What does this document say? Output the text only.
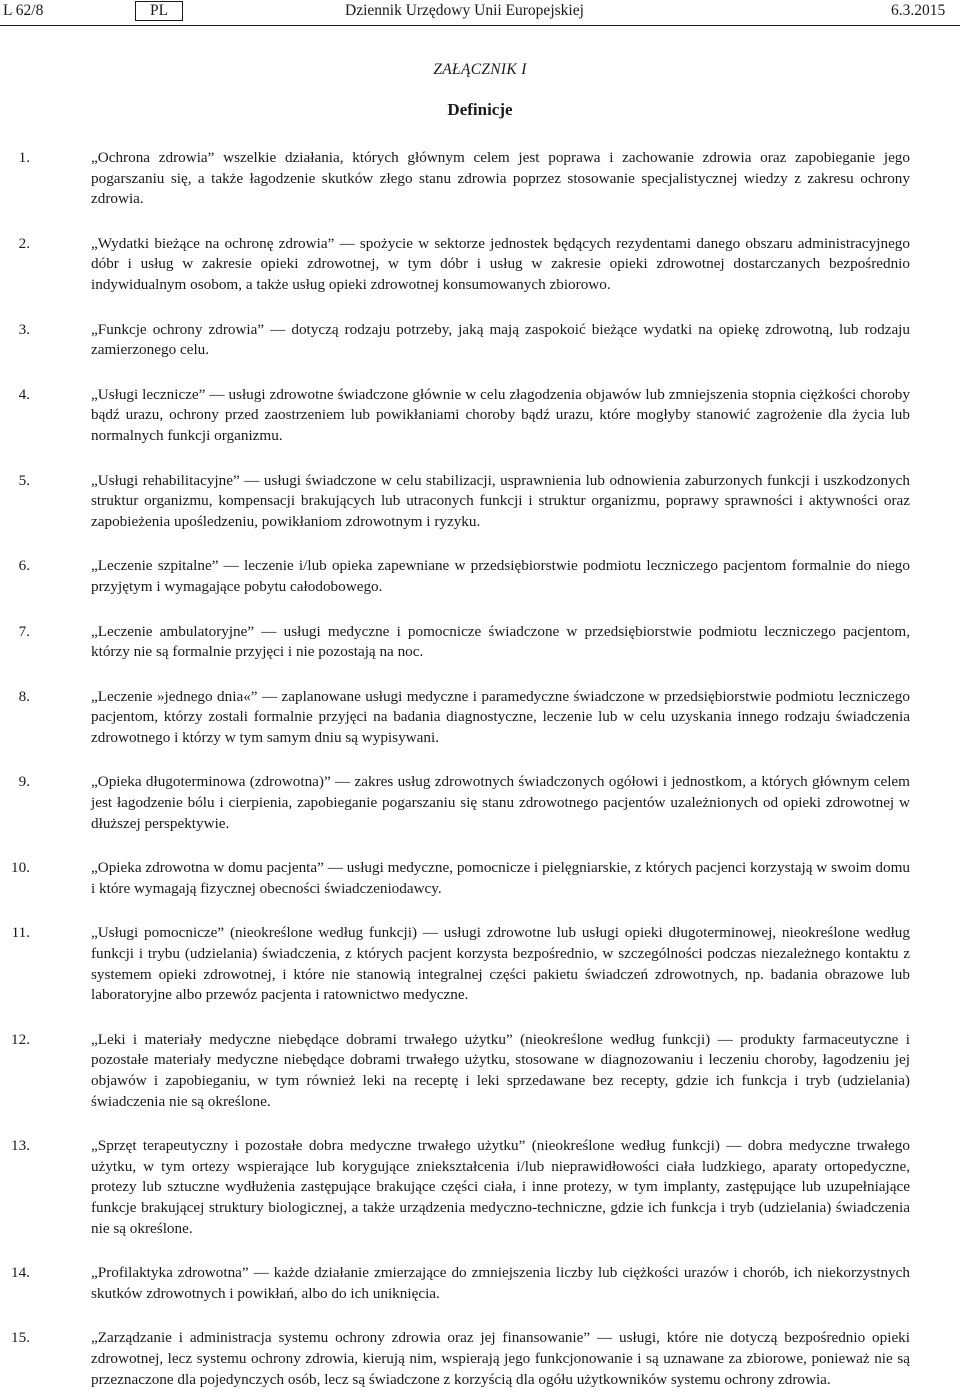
L 62/8	PL	Dziennik Urzędowy Unii Europejskiej	6.3.2015
ZAŁĄCZNIK I
Definicje

1.	„Ochrona zdrowia” wszelkie działania, których głównym celem jest poprawa i zachowanie zdrowia oraz zapobieganie jego pogarszaniu się, a także łagodzenie skutków złego stanu zdrowia poprzez stosowanie specjalistycznej wiedzy z zakresu ochrony zdrowia.

2.	„Wydatki bieżące na ochronę zdrowia” — spożycie w sektorze jednostek będących rezydentami danego obszaru administracyjnego dóbr i usług w zakresie opieki zdrowotnej, w tym dóbr i usług w zakresie opieki zdrowotnej dostarczanych bezpośrednio indywidualnym osobom, a także usług opieki zdrowotnej konsumowanych zbiorowo.

3.	„Funkcje ochrony zdrowia” — dotyczą rodzaju potrzeby, jaką mają zaspokoić bieżące wydatki na opiekę zdrowotną, lub rodzaju zamierzonego celu.

4.	„Usługi lecznicze” — usługi zdrowotne świadczone głównie w celu złagodzenia objawów lub zmniejszenia stopnia ciężkości choroby bądź urazu, ochrony przed zaostrzeniem lub powikłaniami choroby bądź urazu, które mogłyby stanowić zagrożenie dla życia lub normalnych funkcji organizmu.

5.	„Usługi rehabilitacyjne” — usługi świadczone w celu stabilizacji, usprawnienia lub odnowienia zaburzonych funkcji i uszkodzonych struktur organizmu, kompensacji brakujących lub utraconych funkcji i struktur organizmu, poprawy sprawności i aktywności oraz zapobieżenia upośledzeniu, powikłaniom zdrowotnym i ryzyku.

6.	„Leczenie szpitalne” — leczenie i/lub opieka zapewniane w przedsiębiorstwie podmiotu leczniczego pacjentom formalnie do niego przyjętym i wymagające pobytu całodobowego.

7.	„Leczenie ambulatoryjne” — usługi medyczne i pomocnicze świadczone w przedsiębiorstwie podmiotu leczniczego pacjentom, którzy nie są formalnie przyjęci i nie pozostają na noc.

8.	„Leczenie »jednego dnia«” — zaplanowane usługi medyczne i paramedyczne świadczone w przedsiębiorstwie podmiotu leczniczego pacjentom, którzy zostali formalnie przyjęci na badania diagnostyczne, leczenie lub w celu uzyskania innego rodzaju świadczenia zdrowotnego i którzy w tym samym dniu są wypisywani.

9.	„Opieka długoterminowa (zdrowotna)” — zakres usług zdrowotnych świadczonych ogółowi i jednostkom, a których głównym celem jest łagodzenie bólu i cierpienia, zapobieganie pogarszaniu się stanu zdrowotnego pacjentów uzależnionych od opieki zdrowotnej w dłuższej perspektywie.

10.	„Opieka zdrowotna w domu pacjenta” — usługi medyczne, pomocnicze i pielęgniarskie, z których pacjenci korzystają w swoim domu i które wymagają fizycznej obecności świadczeniodawcy.

11.	„Usługi pomocnicze” (nieokreślone według funkcji) — usługi zdrowotne lub usługi opieki długoterminowej, nieokreślone według funkcji i trybu (udzielania) świadczenia, z których pacjent korzysta bezpośrednio, w szczególności podczas niezależnego kontaktu z systemem opieki zdrowotnej, i które nie stanowią integralnej części pakietu świadczeń zdrowotnych, np. badania obrazowe lub laboratoryjne albo przewóz pacjenta i ratownictwo medyczne.

12.	„Leki i materiały medyczne niebędące dobrami trwałego użytku” (nieokreślone według funkcji) — produkty farmaceutyczne i pozostałe materiały medyczne niebędące dobrami trwałego użytku, stosowane w diagnozowaniu i leczeniu choroby, łagodzeniu jej objawów i zapobieganiu, w tym również leki na receptę i leki sprzedawane bez recepty, gdzie ich funkcja i tryb (udzielania) świadczenia nie są określone.

13.	„Sprzęt terapeutyczny i pozostałe dobra medyczne trwałego użytku” (nieokreślone według funkcji) — dobra medyczne trwałego użytku, w tym ortezy wspierające lub korygujące zniekształcenia i/lub nieprawidłowości ciała ludzkiego, aparaty ortopedyczne, protezy lub sztuczne wydłużenia zastępujące brakujące części ciała, i inne protezy, w tym implanty, zastępujące lub uzupełniające funkcje brakującej struktury biologicznej, a także urządzenia medyczno-techniczne, gdzie ich funkcja i tryb (udzielania) świadczenia nie są określone.

14.	„Profilaktyka zdrowotna” — każde działanie zmierzające do zmniejszenia liczby lub ciężkości urazów i chorób, ich niekorzystnych skutków zdrowotnych i powikłań, albo do ich uniknięcia.

15.	„Zarządzanie i administracja systemu ochrony zdrowia oraz jej finansowanie” — usługi, które nie dotyczą bezpośrednio opieki zdrowotnej, lecz systemu ochrony zdrowia, kierują nim, wspierają jego funkcjonowanie i są uznawane za zbiorowe, ponieważ nie są przeznaczone dla pojedynczych osób, lecz są świadczone z korzyścią dla ogółu użytkowników systemu ochrony zdrowia.
